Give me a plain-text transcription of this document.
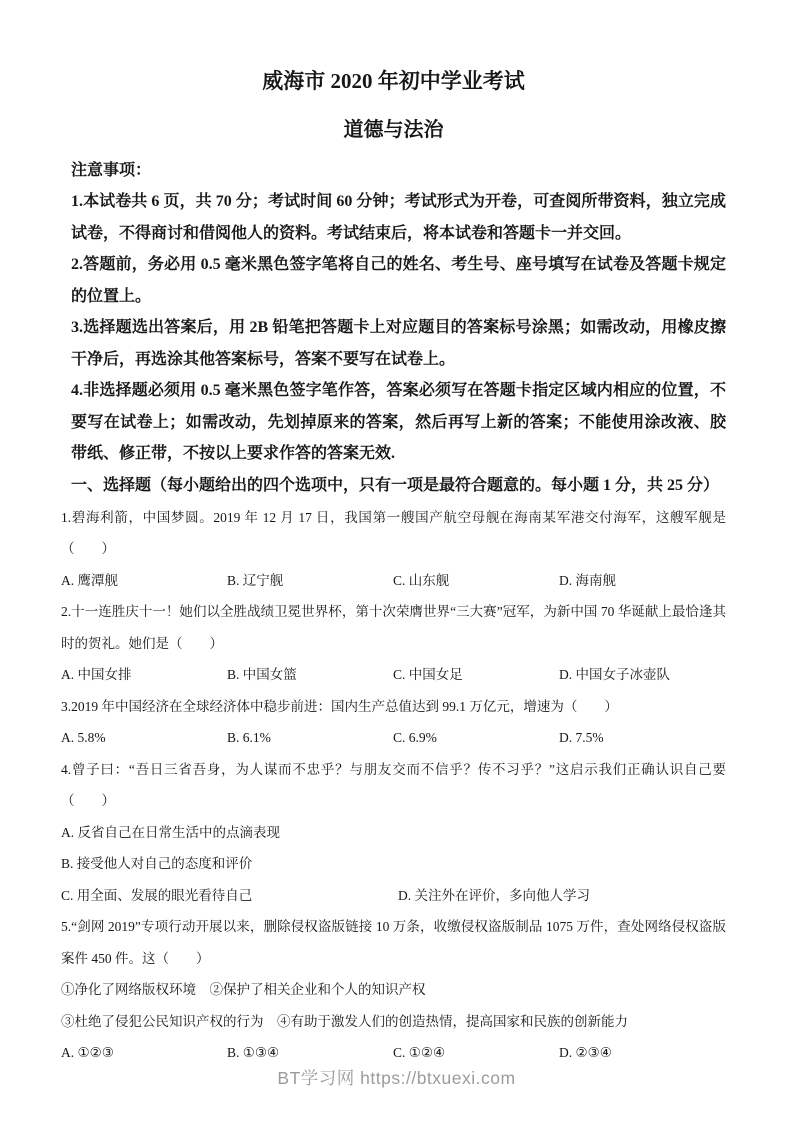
威海市 2020 年初中学业考试
道德与法治

注意事项：

1.本试卷共 6 页，共 70 分；考试时间 60 分钟；考试形式为开卷，可查阅所带资料，独立完成试卷，不得商讨和借阅他人的资料。考试结束后，将本试卷和答题卡一并交回。

2.答题前，务必用 0.5 毫米黑色签字笔将自己的姓名、考生号、座号填写在试卷及答题卡规定的位置上。

3.选择题选出答案后，用 2B 铅笔把答题卡上对应题目的答案标号涂黑；如需改动，用橡皮擦干净后，再选涂其他答案标号，答案不要写在试卷上。

4.非选择题必须用 0.5 毫米黑色签字笔作答，答案必须写在答题卡指定区域内相应的位置，不要写在试卷上；如需改动，先划掉原来的答案，然后再写上新的答案；不能使用涂改液、胶带纸、修正带，不按以上要求作答的答案无效.

一、选择题（每小题给出的四个选项中，只有一项是最符合题意的。每小题 1 分，共 25 分）

1.碧海利箭，中国梦圆。2019 年 12 月 17 日，我国第一艘国产航空母舰在海南某军港交付海军，这艘军舰是（　　）

A. 鹰潭舰	B. 辽宁舰	C. 山东舰	D. 海南舰

2.十一连胜庆十一！她们以全胜战绩卫冕世界杯，第十次荣膺世界“三大赛”冠军，为新中国 70 华诞献上最恰逢其时的贺礼。她们是（　　）

A. 中国女排	B. 中国女篮	C. 中国女足	D. 中国女子冰壶队

3.2019 年中国经济在全球经济体中稳步前进：国内生产总值达到 99.1 万亿元，增速为（　　）

A. 5.8%	B. 6.1%	C. 6.9%	D. 7.5%

4.曾子曰：“吾日三省吾身，为人谋而不忠乎？与朋友交而不信乎？传不习乎？”这启示我们正确认识自己要（　　）

A. 反省自己在日常生活中的点滴表现
B. 接受他人对自己的态度和评价
C. 用全面、发展的眼光看待自己	D. 关注外在评价，多向他人学习

5.“剑网 2019”专项行动开展以来，删除侵权盗版链接 10 万条，收缴侵权盗版制品 1075 万件，查处网络侵权盗版案件 450 件。这（　　）

①净化了网络版权环境　②保护了相关企业和个人的知识产权

③杜绝了侵犯公民知识产权的行为　④有助于激发人们的创造热情，提高国家和民族的创新能力

A. ①②③	B. ①③④	C. ①②④	D. ②③④
BT学习网 https://btxuexi.com
